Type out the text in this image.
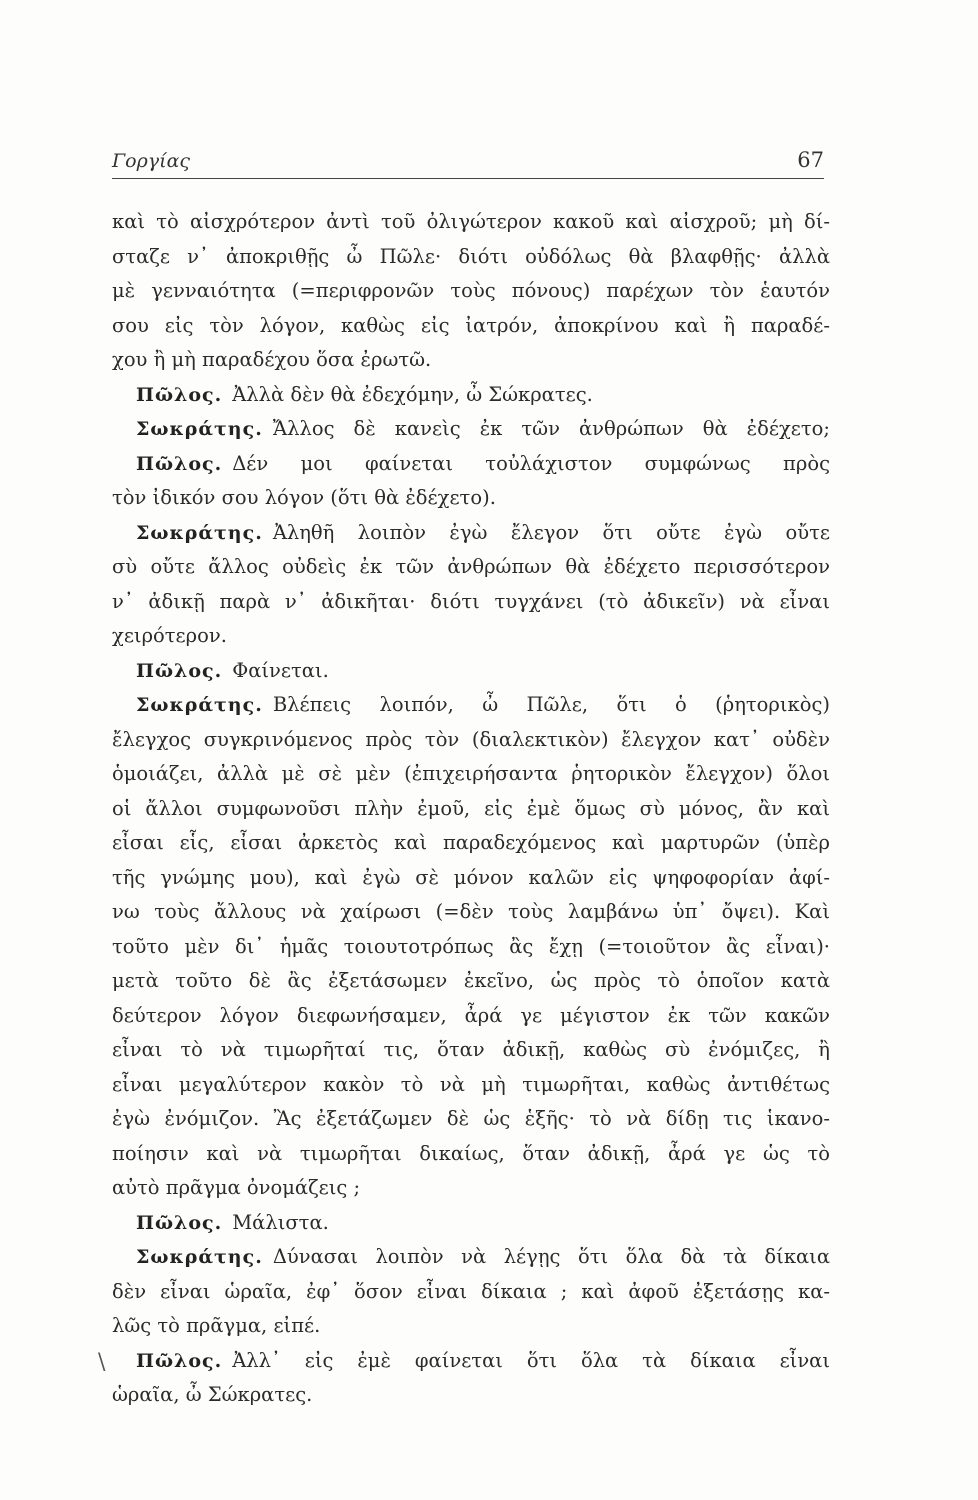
Γοργίας	67
καὶ τὸ αἰσχρότερον ἀντὶ τοῦ ὀλιγώτερον κακοῦ καὶ αἰσχροῦ; μὴ δί-
σταζε ν᾿ ἀποκριθῇς ὦ Πῶλε· διότι οὐδόλως θὰ βλαφθῇς· ἀλλὰ
μὲ γενναιότητα (=περιφρονῶν τοὺς πόνους) παρέχων τὸν ἑαυτόν
σου εἰς τὸν λόγον, καθὼς εἰς ἰατρόν, ἀποκρίνου καὶ ἢ παραδέ-
χου ἢ μὴ παραδέχου ὅσα ἐρωτῶ.
Πῶλος. Ἀλλὰ δὲν θὰ ἐδεχόμην, ὦ Σώκρατες.
Σωκράτης. Ἄλλος δὲ κανεὶς ἐκ τῶν ἀνθρώπων θὰ ἐδέχετο;
Πῶλος. Δέν μοι φαίνεται τοὐλάχιστον συμφώνως πρὸς
τὸν ἰδικόν σου λόγον (ὅτι θὰ ἐδέχετο).
Σωκράτης. Ἀληθῆ λοιπὸν ἐγὼ ἔλεγον ὅτι οὔτε ἐγὼ οὔτε
σὺ οὔτε ἄλλος οὐδεὶς ἐκ τῶν ἀνθρώπων θὰ ἐδέχετο περισσότερον
ν᾿ ἀδικῇ παρὰ ν᾿ ἀδικῆται· διότι τυγχάνει (τὸ ἀδικεῖν) νὰ εἶναι
χειρότερον.
Πῶλος. Φαίνεται.
Σωκράτης. Βλέπεις λοιπόν, ὦ Πῶλε, ὅτι ὁ (ῥητορικὸς)
ἔλεγχος συγκρινόμενος πρὸς τὸν (διαλεκτικὸν) ἔλεγχον κατ᾿ οὐδὲν
ὁμοιάζει, ἀλλὰ μὲ σὲ μὲν (ἐπιχειρήσαντα ῥητορικὸν ἔλεγχον) ὅλοι
οἱ ἄλλοι συμφωνοῦσι πλὴν ἐμοῦ, εἰς ἐμὲ ὅμως σὺ μόνος, ἂν καὶ
εἶσαι εἷς, εἶσαι ἀρκετὸς καὶ παραδεχόμενος καὶ μαρτυρῶν (ὑπὲρ
τῆς γνώμης μου), καὶ ἐγὼ σὲ μόνον καλῶν εἰς ψηφοφορίαν ἀφί-
νω τοὺς ἄλλους νὰ χαίρωσι (=δὲν τοὺς λαμβάνω ὑπ᾿ ὄψει). Καὶ
τοῦτο μὲν δι᾿ ἡμᾶς τοιουτοτρόπως ἂς ἔχῃ (=τοιοῦτον ἂς εἶναι)·
μετὰ τοῦτο δὲ ἂς ἐξετάσωμεν ἐκεῖνο, ὡς πρὸς τὸ ὁποῖον κατὰ
δεύτερον λόγον διεφωνήσαμεν, ἆρά γε μέγιστον ἐκ τῶν κακῶν
εἶναι τὸ νὰ τιμωρῆταί τις, ὅταν ἀδικῇ, καθὼς σὺ ἐνόμιζες, ἢ
εἶναι μεγαλύτερον κακὸν τὸ νὰ μὴ τιμωρῆται, καθὼς ἀντιθέτως
ἐγὼ ἐνόμιζον. Ἂς ἐξετάζωμεν δὲ ὡς ἑξῆς· τὸ νὰ δίδῃ τις ἱκανο-
ποίησιν καὶ νὰ τιμωρῆται δικαίως, ὅταν ἀδικῇ, ἆρά γε ὡς τὸ
αὐτὸ πρᾶγμα ὀνομάζεις ;
Πῶλος. Μάλιστα.
Σωκράτης. Δύνασαι λοιπὸν νὰ λέγῃς ὅτι ὅλα δὰ τὰ δίκαια
δὲν εἶναι ὡραῖα, ἐφ᾿ ὅσον εἶναι δίκαια ; καὶ ἀφοῦ ἐξετάσῃς κα-
λῶς τὸ πρᾶγμα, εἰπέ.
Πῶλος. Ἀλλ᾿ εἰς ἐμὲ φαίνεται ὅτι ὅλα τὰ δίκαια εἶναι
ὡραῖα, ὦ Σώκρατες.
\
